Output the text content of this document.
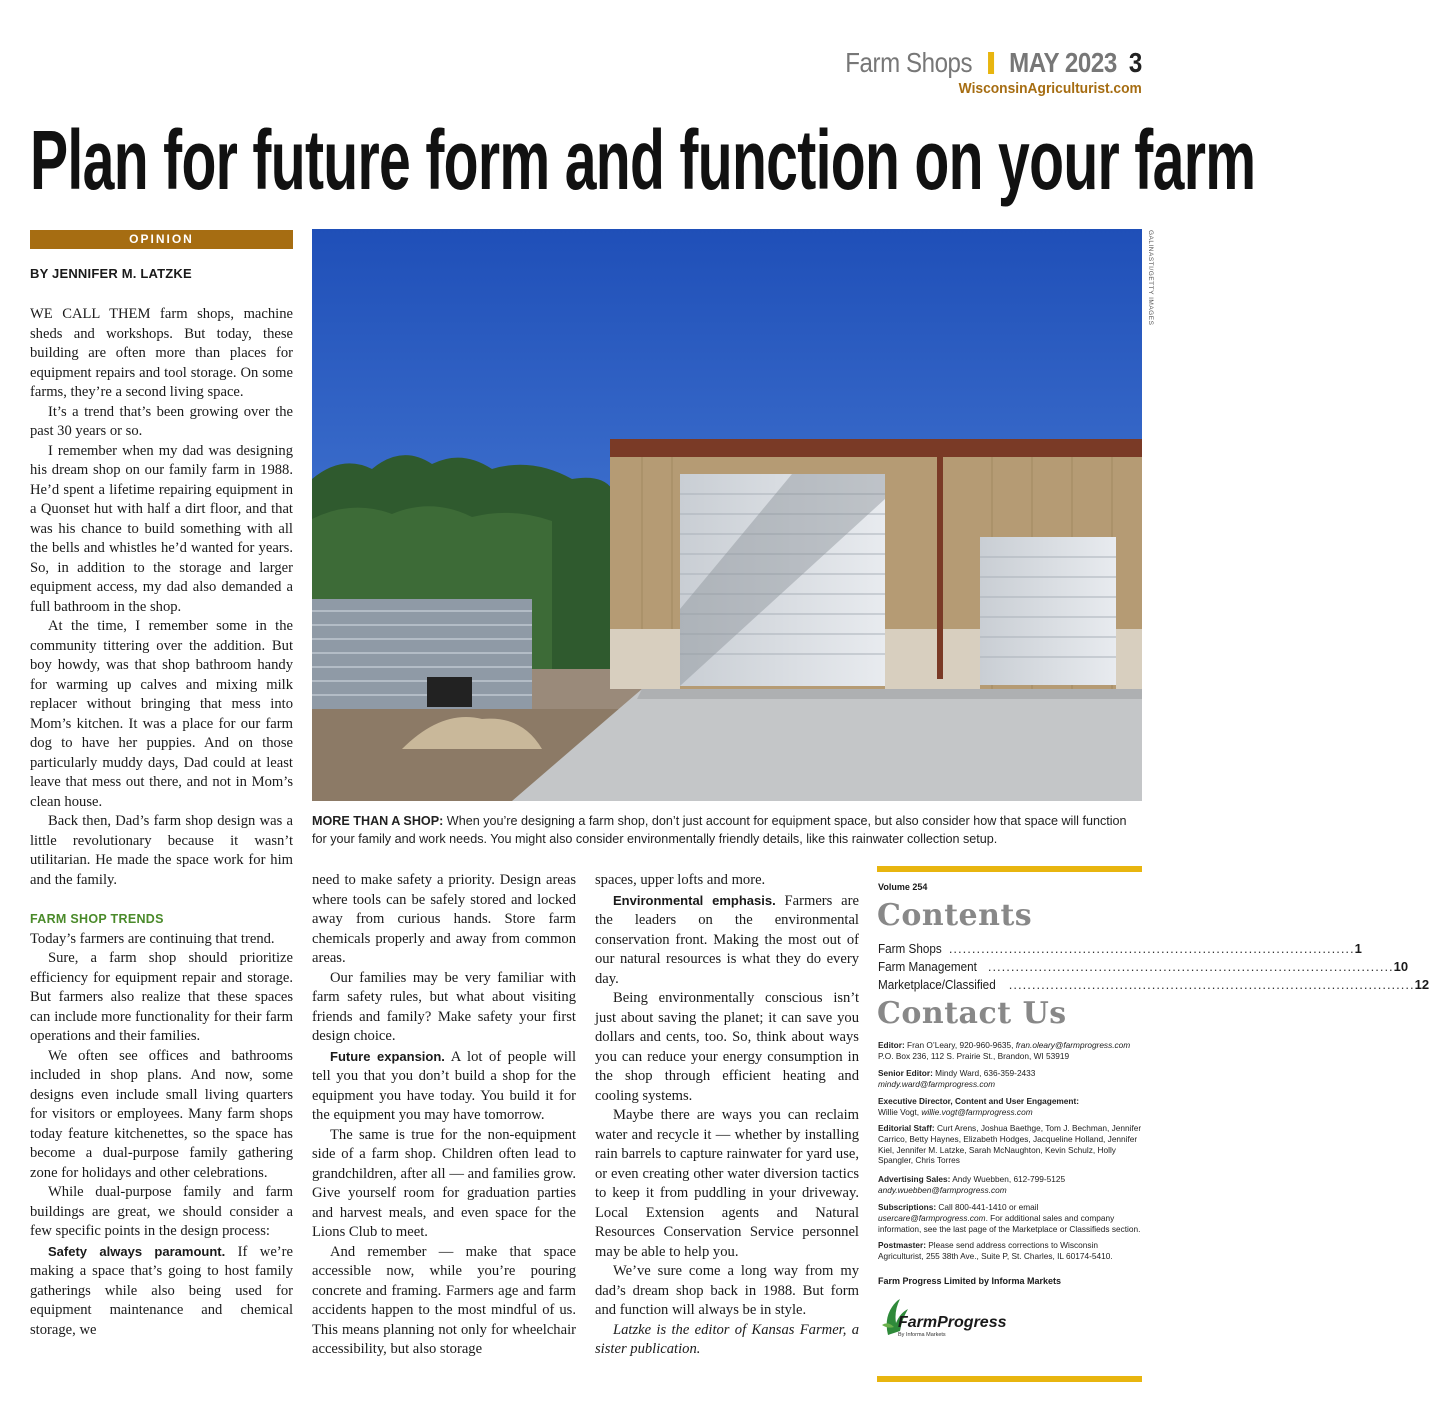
Farm Shops MAY 2023 3
WisconsinAgriculturist.com
Plan for future form and function on your farm
OPINION
BY JENNIFER M. LATZKE

WE CALL THEM farm shops, machine sheds and workshops. But today, these building are often more than places for equipment repairs and tool storage. On some farms, they’re a second living space.

It’s a trend that’s been growing over the past 30 years or so.

I remember when my dad was designing his dream shop on our family farm in 1988. He’d spent a lifetime repairing equipment in a Quonset hut with half a dirt floor, and that was his chance to build something with all the bells and whistles he’d wanted for years. So, in addition to the storage and larger equipment access, my dad also demanded a full bathroom in the shop.

At the time, I remember some in the community tittering over the addition. But boy howdy, was that shop bathroom handy for warming up calves and mixing milk replacer without bringing that mess into Mom’s kitchen. It was a place for our farm dog to have her puppies. And on those particularly muddy days, Dad could at least leave that mess out there, and not in Mom’s clean house.

Back then, Dad’s farm shop design was a little revolutionary because it wasn’t utilitarian. He made the space work for him and the family.

FARM SHOP TRENDS

Today’s farmers are continuing that trend.

Sure, a farm shop should prioritize efficiency for equipment repair and storage. But farmers also realize that these spaces can include more functionality for their farm operations and their families.

We often see offices and bathrooms included in shop plans. And now, some designs even include small living quarters for visitors or employees. Many farm shops today feature kitchenettes, so the space has become a dual-purpose family gathering zone for holidays and other celebrations.

While dual-purpose family and farm buildings are great, we should consider a few specific points in the design process:

Safety always paramount. If we’re making a space that’s going to host family gatherings while also being used for equipment maintenance and chemical storage, we

GALINASTI/GETTY IMAGES
MORE THAN A SHOP: When you’re designing a farm shop, don’t just account for equipment space, but also consider how that space will function for your family and work needs. You might also consider environmentally friendly details, like this rainwater collection setup.

need to make safety a priority. Design areas where tools can be safely stored and locked away from curious hands. Store farm chemicals properly and away from common areas.

Our families may be very familiar with farm safety rules, but what about visiting friends and family? Make safety your first design choice.

Future expansion. A lot of people will tell you that you don’t build a shop for the equipment you have today. You build it for the equipment you may have tomorrow.

The same is true for the non-equipment side of a farm shop. Children often lead to grandchildren, after all — and families grow. Give yourself room for graduation parties and harvest meals, and even space for the Lions Club to meet.

And remember — make that space accessible now, while you’re pouring concrete and framing. Farmers age and farm accidents happen to the most mindful of us. This means planning not only for wheelchair accessibility, but also storage

spaces, upper lofts and more.

Environmental emphasis. Farmers are the leaders on the environmental conservation front. Making the most out of our natural resources is what they do every day.

Being environmentally conscious isn’t just about saving the planet; it can save you dollars and cents, too. So, think about ways you can reduce your energy consumption in the shop through efficient heating and cooling systems.

Maybe there are ways you can reclaim water and recycle it — whether by installing rain barrels to capture rainwater for yard use, or even creating other water diversion tactics to keep it from puddling in your driveway. Local Extension agents and Natural Resources Conservation Service personnel may be able to help you.

We’ve sure come a long way from my dad’s dream shop back in 1988. But form and function will always be in style.

Latzke is the editor of Kansas Farmer, a sister publication.

Volume 254
Contents
Farm Shops ........................................................................................ 1
Farm Management ........................................................................................ 10
Marketplace/Classified ........................................................................................ 12
Contact Us
Editor: Fran O’Leary, 920-960-9635, fran.oleary@farmprogress.com
P.O. Box 236, 112 S. Prairie St., Brandon, WI 53919
Senior Editor: Mindy Ward, 636-359-2433
mindy.ward@farmprogress.com
Executive Director, Content and User Engagement:
Willie Vogt, willie.vogt@farmprogress.com
Editorial Staff: Curt Arens, Joshua Baethge, Tom J. Bechman, Jennifer Carrico, Betty Haynes, Elizabeth Hodges, Jacqueline Holland, Jennifer Kiel, Jennifer M. Latzke, Sarah McNaughton, Kevin Schulz, Holly Spangler, Chris Torres
Advertising Sales: Andy Wuebben, 612-799-5125
andy.wuebben@farmprogress.com
Subscriptions: Call 800-441-1410 or email usercare@farmprogress.com. For additional sales and company information, see the last page of the Marketplace or Classifieds section.
Postmaster: Please send address corrections to Wisconsin Agriculturist, 255 38th Ave., Suite P, St. Charles, IL 60174-5410.
Farm Progress Limited by Informa Markets
FarmProgress
By Informa Markets
